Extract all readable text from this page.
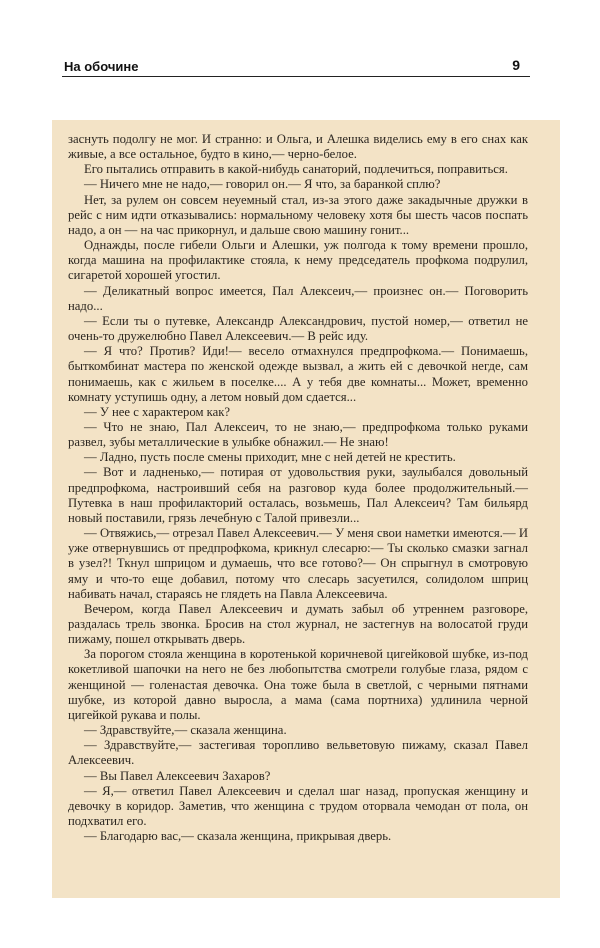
На обочине	9

заснуть подолгу не мог. И странно: и Ольга, и Алешка виделись ему в его снах как живые, а все остальное, будто в кино,— черно-белое.

Его пытались отправить в какой-нибудь санаторий, подлечиться, поправиться.

— Ничего мне не надо,— говорил он.— Я что, за баранкой сплю?

Нет, за рулем он совсем неуемный стал, из-за этого даже закадычные дружки в рейс с ним идти отказывались: нормальному человеку хотя бы шесть часов поспать надо, а он — на час прикорнул, и дальше свою машину гонит...

Однажды, после гибели Ольги и Алешки, уж полгода к тому времени прошло, когда машина на профилактике стояла, к нему председатель профкома подрулил, сигаретой хорошей угостил.

— Деликатный вопрос имеется, Пал Алексеич,— произнес он.— Поговорить надо...

— Если ты о путевке, Александр Александрович, пустой номер,— ответил не очень-то дружелюбно Павел Алексеевич.— В рейс иду.

— Я что? Против? Иди!— весело отмахнулся предпрофкома.— Понимаешь, быткомбинат мастера по женской одежде вызвал, а жить ей с девочкой негде, сам понимаешь, как с жильем в поселке.... А у тебя две комнаты... Может, временно комнату уступишь одну, а летом новый дом сдается...

— У нее с характером как?

— Что не знаю, Пал Алексеич, то не знаю,— предпрофкома только руками развел, зубы металлические в улыбке обнажил.— Не знаю!

— Ладно, пусть после смены приходит, мне с ней детей не крестить.

— Вот и ладненько,— потирая от удовольствия руки, заулыбался довольный предпрофкома, настроивший себя на разговор куда более продолжительный.— Путевка в наш профилакторий осталась, возьмешь, Пал Алексеич? Там бильярд новый поставили, грязь лечебную с Талой привезли...

— Отвяжись,— отрезал Павел Алексеевич.— У меня свои наметки имеются.— И уже отвернувшись от предпрофкома, крикнул слесарю:— Ты сколько смазки загнал в узел?! Ткнул шприцом и думаешь, что все готово?— Он спрыгнул в смотровую яму и что-то еще добавил, потому что слесарь засуетился, солидолом шприц набивать начал, стараясь не глядеть на Павла Алексеевича.

Вечером, когда Павел Алексеевич и думать забыл об утреннем разговоре, раздалась трель звонка. Бросив на стол журнал, не застегнув на волосатой груди пижаму, пошел открывать дверь.

За порогом стояла женщина в коротенькой коричневой цигейковой шубке, из-под кокетливой шапочки на него не без любопытства смотрели голубые глаза, рядом с женщиной — голенастая девочка. Она тоже была в светлой, с черными пятнами шубке, из которой давно выросла, а мама (сама портниха) удлинила черной цигейкой рукава и полы.

— Здравствуйте,— сказала женщина.

— Здравствуйте,— застегивая торопливо вельветовую пижаму, сказал Павел Алексеевич.

— Вы Павел Алексеевич Захаров?

— Я,— ответил Павел Алексеевич и сделал шаг назад, пропуская женщину и девочку в коридор. Заметив, что женщина с трудом оторвала чемодан от пола, он подхватил его.

— Благодарю вас,— сказала женщина, прикрывая дверь.
